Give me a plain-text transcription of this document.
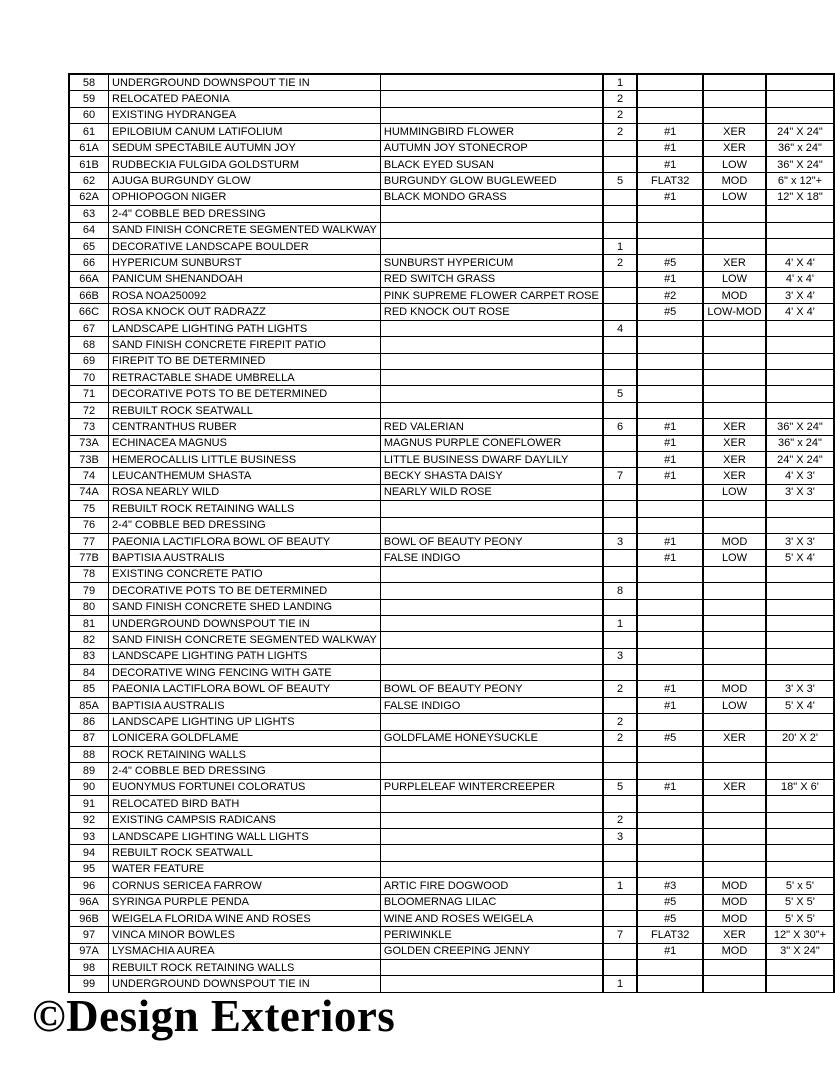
58	UNDERGROUND DOWNSPOUT TIE IN		1			
59	RELOCATED PAEONIA		2			
60	EXISTING HYDRANGEA		2			
61	EPILOBIUM CANUM LATIFOLIUM	HUMMINGBIRD FLOWER	2	#1	XER	24" X 24"
61A	SEDUM SPECTABILE AUTUMN JOY	AUTUMN JOY STONECROP		#1	XER	36" x 24"
61B	RUDBECKIA FULGIDA GOLDSTURM	BLACK EYED SUSAN		#1	LOW	36" X 24"
62	AJUGA BURGUNDY GLOW	BURGUNDY GLOW BUGLEWEED	5	FLAT32	MOD	6" x 12"+
62A	OPHIOPOGON NIGER	BLACK MONDO GRASS		#1	LOW	12" X 18"
63	2-4" COBBLE BED DRESSING					
64	SAND FINISH CONCRETE SEGMENTED WALKWAY					
65	DECORATIVE LANDSCAPE BOULDER		1			
66	HYPERICUM SUNBURST	SUNBURST HYPERICUM	2	#5	XER	4' X 4'
66A	PANICUM SHENANDOAH	RED SWITCH GRASS		#1	LOW	4' x 4'
66B	ROSA NOA250092	PINK SUPREME FLOWER CARPET ROSE		#2	MOD	3' X 4'
66C	ROSA KNOCK OUT RADRAZZ	RED KNOCK OUT ROSE		#5	LOW-MOD	4' X 4'
67	LANDSCAPE LIGHTING PATH LIGHTS		4			
68	SAND FINISH CONCRETE FIREPIT PATIO					
69	FIREPIT TO BE DETERMINED					
70	RETRACTABLE SHADE UMBRELLA					
71	DECORATIVE POTS TO BE DETERMINED		5			
72	REBUILT ROCK SEATWALL					
73	CENTRANTHUS RUBER	RED VALERIAN	6	#1	XER	36" X 24"
73A	ECHINACEA MAGNUS	MAGNUS PURPLE CONEFLOWER		#1	XER	36" x 24"
73B	HEMEROCALLIS LITTLE BUSINESS	LITTLE BUSINESS DWARF DAYLILY		#1	XER	24" X 24"
74	LEUCANTHEMUM SHASTA	BECKY SHASTA DAISY	7	#1	XER	4' X 3'
74A	ROSA NEARLY WILD	NEARLY WILD ROSE			LOW	3' X 3'
75	REBUILT ROCK RETAINING WALLS					
76	2-4" COBBLE BED DRESSING					
77	PAEONIA LACTIFLORA BOWL OF BEAUTY	BOWL OF BEAUTY PEONY	3	#1	MOD	3' X 3'
77B	BAPTISIA AUSTRALIS	FALSE INDIGO		#1	LOW	5' X 4'
78	EXISTING CONCRETE PATIO					
79	DECORATIVE POTS TO BE DETERMINED		8			
80	SAND FINISH CONCRETE SHED LANDING					
81	UNDERGROUND DOWNSPOUT TIE IN		1			
82	SAND FINISH CONCRETE SEGMENTED WALKWAY					
83	LANDSCAPE LIGHTING PATH LIGHTS		3			
84	DECORATIVE WING FENCING WITH GATE					
85	PAEONIA LACTIFLORA BOWL OF BEAUTY	BOWL OF BEAUTY PEONY	2	#1	MOD	3' X 3'
85A	BAPTISIA AUSTRALIS	FALSE INDIGO		#1	LOW	5' X 4'
86	LANDSCAPE LIGHTING UP LIGHTS		2			
87	LONICERA GOLDFLAME	GOLDFLAME HONEYSUCKLE	2	#5	XER	20' X 2'
88	ROCK RETAINING WALLS					
89	2-4" COBBLE BED DRESSING					
90	EUONYMUS FORTUNEI COLORATUS	PURPLELEAF WINTERCREEPER	5	#1	XER	18" X 6'
91	RELOCATED BIRD BATH					
92	EXISTING CAMPSIS RADICANS		2			
93	LANDSCAPE LIGHTING WALL LIGHTS		3			
94	REBUILT ROCK SEATWALL					
95	WATER FEATURE					
96	CORNUS SERICEA FARROW	ARTIC FIRE DOGWOOD	1	#3	MOD	5' x 5'
96A	SYRINGA PURPLE PENDA	BLOOMERNAG LILAC		#5	MOD	5' X 5'
96B	WEIGELA FLORIDA WINE AND ROSES	WINE AND ROSES WEIGELA		#5	MOD	5' X 5'
97	VINCA MINOR BOWLES	PERIWINKLE	7	FLAT32	XER	12" X 30"+
97A	LYSMACHIA AUREA	GOLDEN CREEPING JENNY		#1	MOD	3" X 24"
98	REBUILT ROCK RETAINING WALLS					
99	UNDERGROUND DOWNSPOUT TIE IN		1			
©Design Exteriors
